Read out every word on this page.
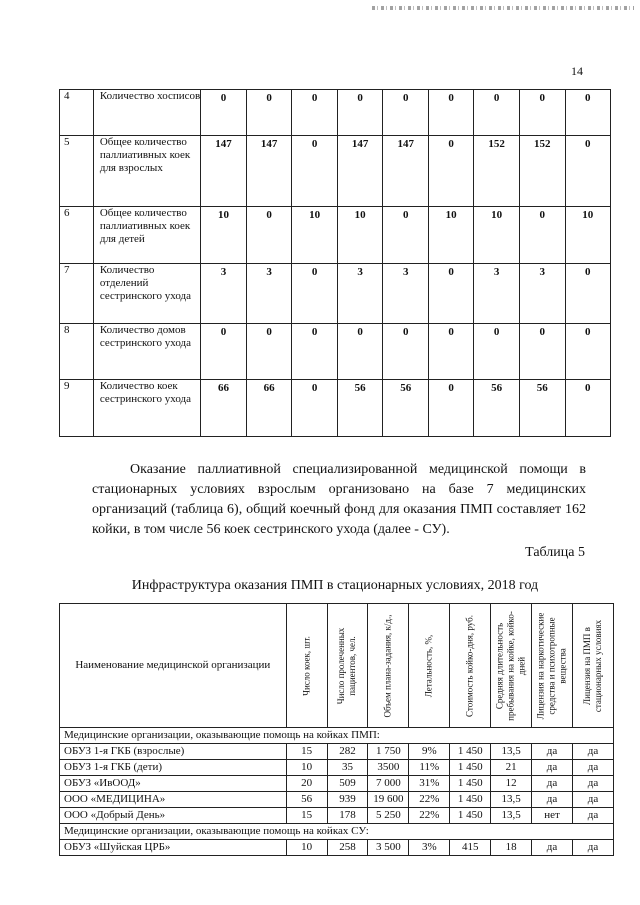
14
4	Количество хосписов	0	0	0	0	0	0	0	0	0

5	Общее количество паллиативных коек для взрослых	147	147	0	147	147	0	152	152	0

6	Общее количество паллиативных коек для детей	10	0	10	10	0	10	10	0	10

7	Количество отделений сестринского ухода	3	3	0	3	3	0	3	3	0

8	Количество домов сестринского ухода	0	0	0	0	0	0	0	0	0

9	Количество коек сестринского ухода	66	66	0	56	56	0	56	56	0
Оказание паллиативной специализированной медицинской помощи в стационарных условиях взрослым организовано на базе 7 медицинских организаций (таблица 6), общий коечный фонд для оказания ПМП составляет 162 койки, в том числе 56 коек сестринского ухода (далее - СУ).
Таблица 5
Инфраструктура оказания ПМП в стационарных условиях, 2018 год
Наименование медицинской организации	Число коек, шт.	Число пролеченных пациентов, чел.	Объем плана-задания, к/д.,	Летальность, %,	Стоимость койко-дня, руб.	Средняя длительность пребывания на койке, койко-дней	Лицензия на наркотические средства и психотропные вещества	Лицензия на ПМП в стационарных условиях

Медицинские организации, оказывающие помощь на койках ПМП:								
ОБУЗ 1-я ГКБ (взрослые)	15	282	1 750	9%	1 450	13,5	да	да
ОБУЗ 1-я ГКБ (дети)	10	35	3500	11%	1 450	21	да	да
ОБУЗ «ИвООД»	20	509	7 000	31%	1 450	12	да	да
ООО «МЕДИЦИНА»	56	939	19 600	22%	1 450	13,5	да	да
ООО «Добрый День»	15	178	5 250	22%	1 450	13,5	нет	да
Медицинские организации, оказывающие помощь на койках СУ:								
ОБУЗ «Шуйская ЦРБ»	10	258	3 500	3%	415	18	да	да
